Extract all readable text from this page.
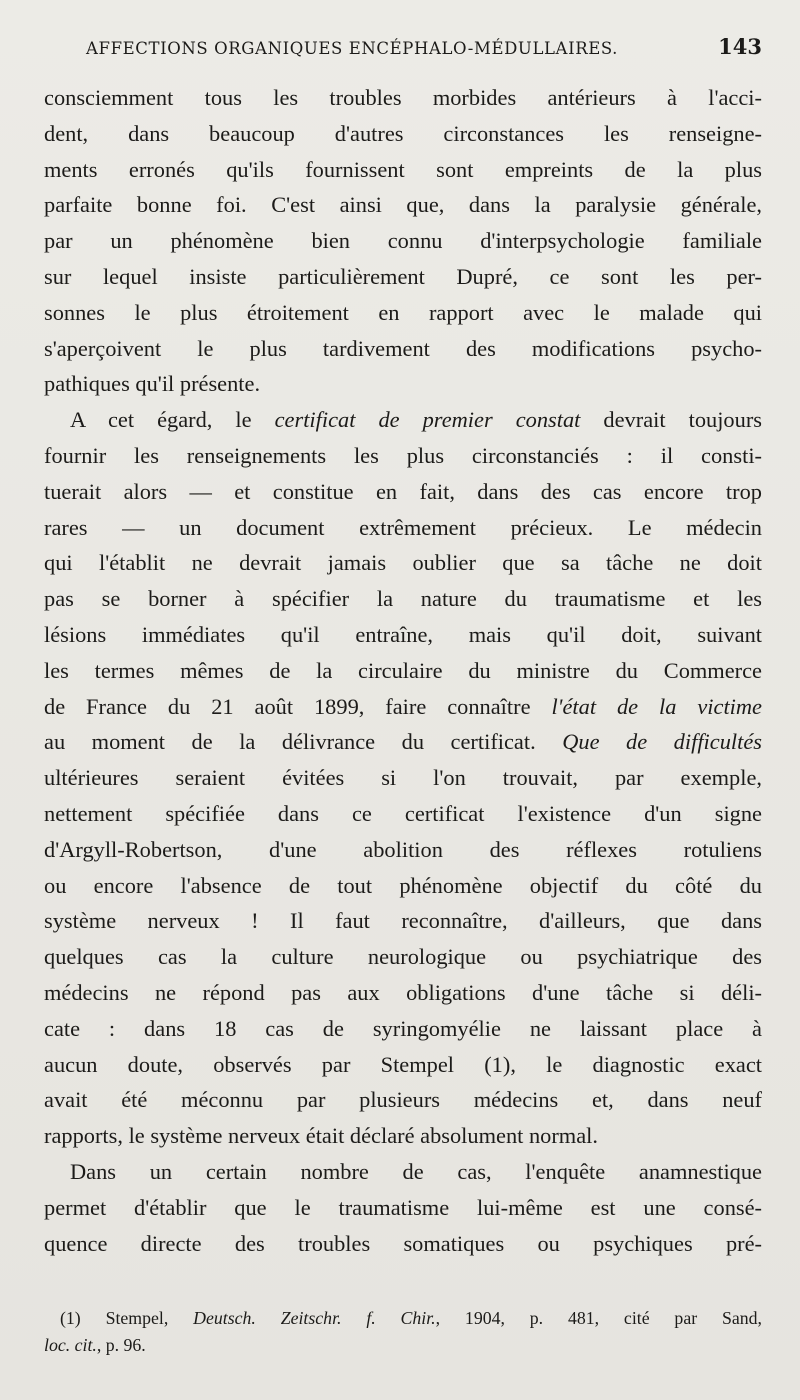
AFFECTIONS ORGANIQUES ENCÉPHALO-MÉDULLAIRES.	143

consciemment tous les troubles morbides antérieurs à l'acci-
dent, dans beaucoup d'autres circonstances les renseigne-
ments erronés qu'ils fournissent sont empreints de la plus
parfaite bonne foi. C'est ainsi que, dans la paralysie générale,
par un phénomène bien connu d'interpsychologie familiale
sur lequel insiste particulièrement Dupré, ce sont les per-
sonnes le plus étroitement en rapport avec le malade qui
s'aperçoivent le plus tardivement des modifications psycho-
pathiques qu'il présente.

A cet égard, le certificat de premier constat devrait toujours
fournir les renseignements les plus circonstanciés : il consti-
tuerait alors — et constitue en fait, dans des cas encore trop
rares — un document extrêmement précieux. Le médecin
qui l'établit ne devrait jamais oublier que sa tâche ne doit
pas se borner à spécifier la nature du traumatisme et les
lésions immédiates qu'il entraîne, mais qu'il doit, suivant
les termes mêmes de la circulaire du ministre du Commerce
de France du 21 août 1899, faire connaître l'état de la victime
au moment de la délivrance du certificat. Que de difficultés
ultérieures seraient évitées si l'on trouvait, par exemple,
nettement spécifiée dans ce certificat l'existence d'un signe
d'Argyll-Robertson, d'une abolition des réflexes rotuliens
ou encore l'absence de tout phénomène objectif du côté du
système nerveux ! Il faut reconnaître, d'ailleurs, que dans
quelques cas la culture neurologique ou psychiatrique des
médecins ne répond pas aux obligations d'une tâche si déli-
cate : dans 18 cas de syringomyélie ne laissant place à
aucun doute, observés par Stempel (1), le diagnostic exact
avait été méconnu par plusieurs médecins et, dans neuf
rapports, le système nerveux était déclaré absolument normal.

Dans un certain nombre de cas, l'enquête anamnestique
permet d'établir que le traumatisme lui-même est une consé-
quence directe des troubles somatiques ou psychiques pré-

(1) Stempel, Deutsch. Zeitschr. f. Chir., 1904, p. 481, cité par Sand,
loc. cit., p. 96.
